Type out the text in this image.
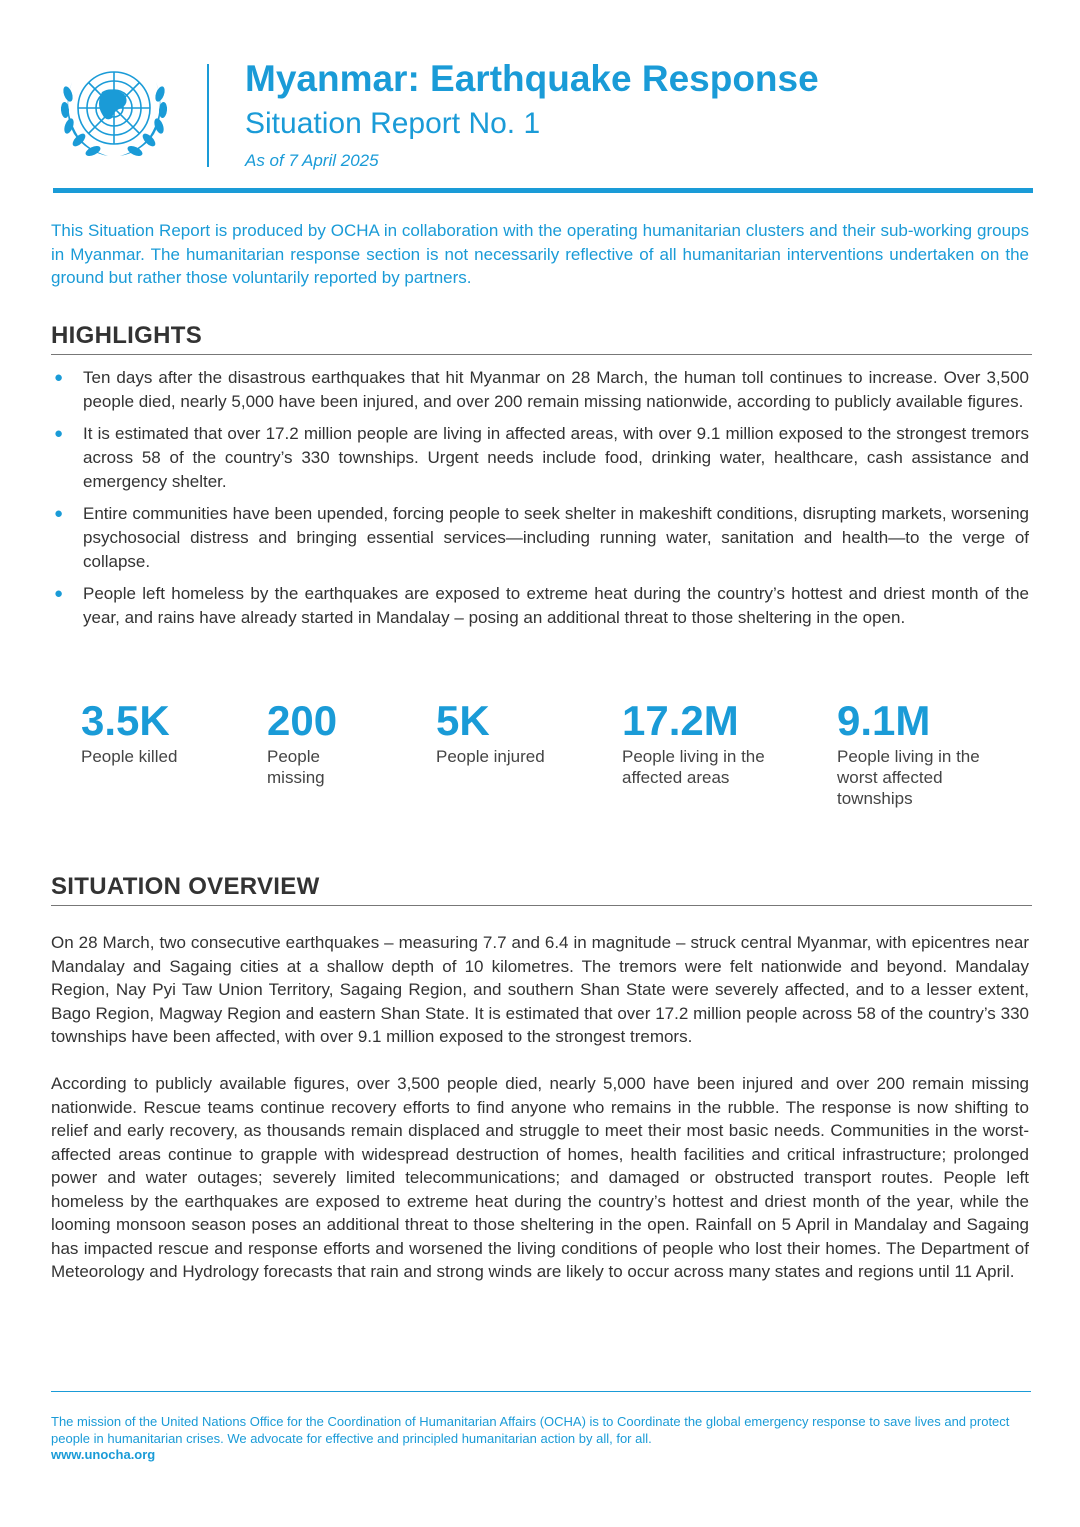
Myanmar: Earthquake Response
Situation Report No. 1
As of 7 April 2025
This Situation Report is produced by OCHA in collaboration with the operating humanitarian clusters and their sub-working groups in Myanmar. The humanitarian response section is not necessarily reflective of all humanitarian interventions undertaken on the ground but rather those voluntarily reported by partners.
HIGHLIGHTS
● Ten days after the disastrous earthquakes that hit Myanmar on 28 March, the human toll continues to increase. Over 3,500 people died, nearly 5,000 have been injured, and over 200 remain missing nationwide, according to publicly available figures.
● It is estimated that over 17.2 million people are living in affected areas, with over 9.1 million exposed to the strongest tremors across 58 of the country’s 330 townships. Urgent needs include food, drinking water, healthcare, cash assistance and emergency shelter.
● Entire communities have been upended, forcing people to seek shelter in makeshift conditions, disrupting markets, worsening psychosocial distress and bringing essential services—including running water, sanitation and health—to the verge of collapse.
● People left homeless by the earthquakes are exposed to extreme heat during the country’s hottest and driest month of the year, and rains have already started in Mandalay – posing an additional threat to those sheltering in the open.
3.5K
People killed
200
People missing
5K
People injured
17.2M
People living in the affected areas
9.1M
People living in the worst affected townships
SITUATION OVERVIEW

On 28 March, two consecutive earthquakes – measuring 7.7 and 6.4 in magnitude – struck central Myanmar, with epicentres near Mandalay and Sagaing cities at a shallow depth of 10 kilometres. The tremors were felt nationwide and beyond. Mandalay Region, Nay Pyi Taw Union Territory, Sagaing Region, and southern Shan State were severely affected, and to a lesser extent, Bago Region, Magway Region and eastern Shan State. It is estimated that over 17.2 million people across 58 of the country’s 330 townships have been affected, with over 9.1 million exposed to the strongest tremors.

According to publicly available figures, over 3,500 people died, nearly 5,000 have been injured and over 200 remain missing nationwide. Rescue teams continue recovery efforts to find anyone who remains in the rubble. The response is now shifting to relief and early recovery, as thousands remain displaced and struggle to meet their most basic needs. Communities in the worst-affected areas continue to grapple with widespread destruction of homes, health facilities and critical infrastructure; prolonged power and water outages; severely limited telecommunications; and damaged or obstructed transport routes. People left homeless by the earthquakes are exposed to extreme heat during the country’s hottest and driest month of the year, while the looming monsoon season poses an additional threat to those sheltering in the open. Rainfall on 5 April in Mandalay and Sagaing has impacted rescue and response efforts and worsened the living conditions of people who lost their homes. The Department of Meteorology and Hydrology forecasts that rain and strong winds are likely to occur across many states and regions until 11 April.

The mission of the United Nations Office for the Coordination of Humanitarian Affairs (OCHA) is to Coordinate the global emergency response to save lives and protect people in humanitarian crises. We advocate for effective and principled humanitarian action by all, for all.
www.unocha.org
